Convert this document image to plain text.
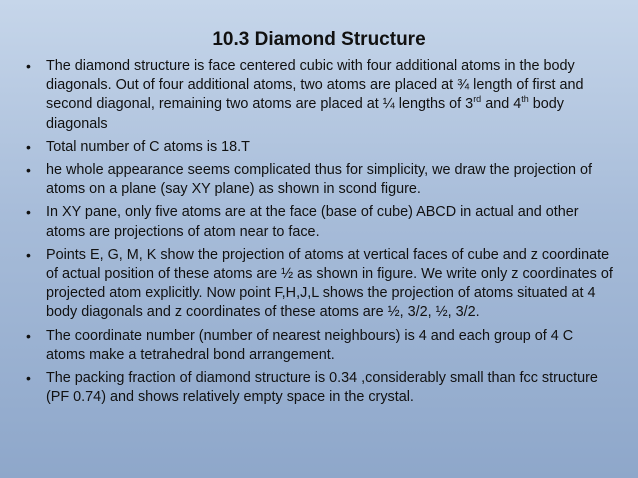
10.3 Diamond Structure
• The diamond structure is face centered cubic with four additional atoms in the body diagonals. Out of four additional atoms, two atoms are placed at ¾ length of first and second diagonal, remaining two atoms are placed at ¼ lengths of 3rd and 4th body diagonals
• Total number of C atoms is 18.T
• he whole appearance seems complicated thus for simplicity, we draw the projection of atoms on a plane (say XY plane) as shown in scond figure.
• In XY pane, only five atoms are at the face (base of cube) ABCD in actual and other atoms are projections of atom near to face.
• Points E, G, M, K show the projection of atoms at vertical faces of cube and z coordinate of actual position of these atoms are ½ as shown in figure. We write only z coordinates of projected atom explicitly. Now point F,H,J,L shows the projection of atoms situated at 4 body diagonals and z coordinates of these atoms are ½, 3/2, ½, 3/2.
• The coordinate number (number of nearest neighbours) is 4 and each group of 4 C atoms make a tetrahedral bond arrangement.
• The packing fraction of diamond structure is 0.34 ,considerably small than fcc structure (PF 0.74) and shows relatively empty space in the crystal.
